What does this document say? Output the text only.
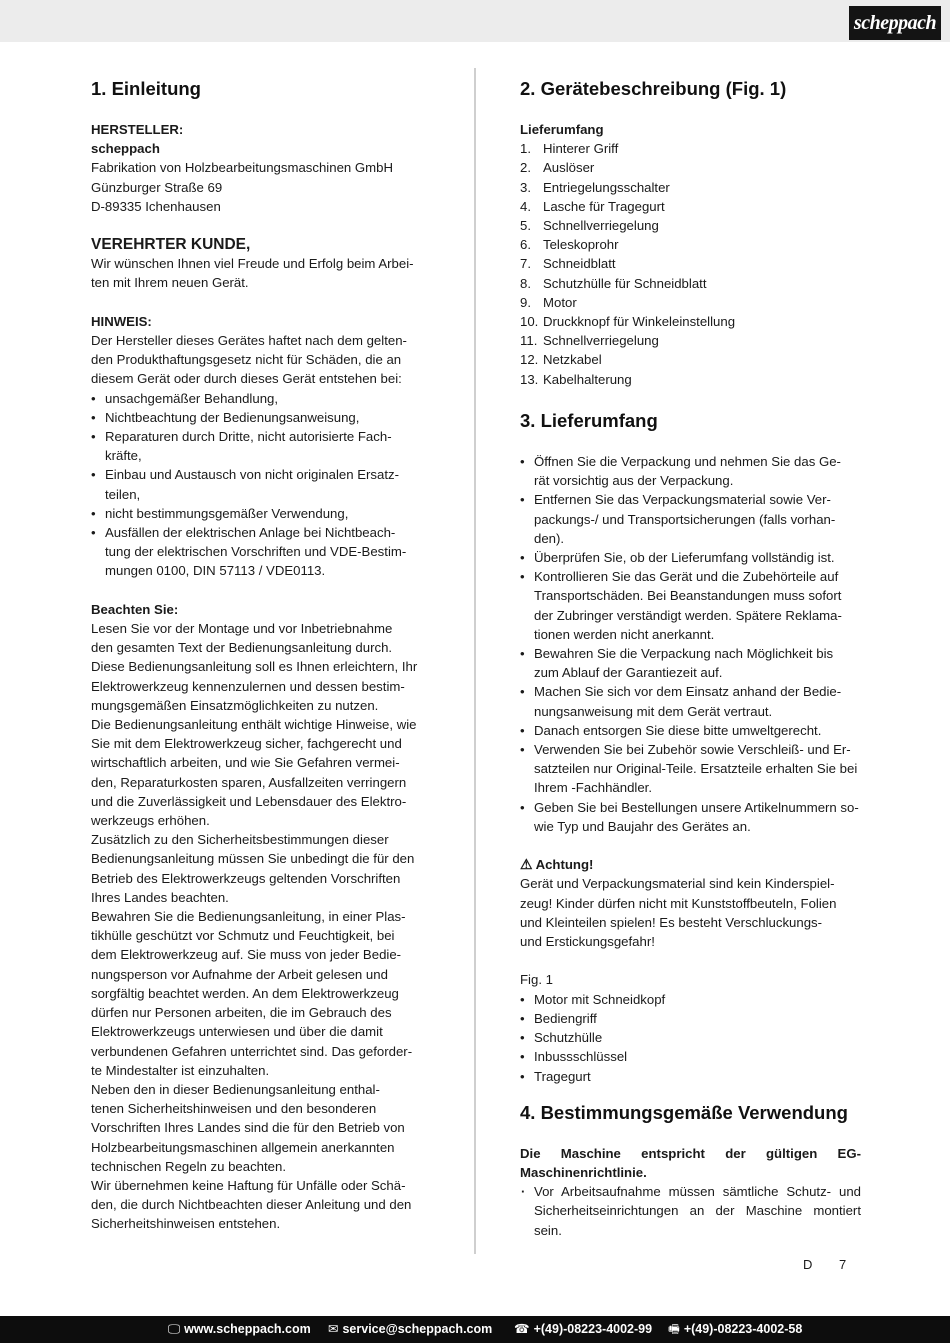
scheppach
1. Einleitung
HERSTELLER:
scheppach
Fabrikation von Holzbearbeitungsmaschinen GmbH
Günzburger Straße 69
D-89335 Ichenhausen
VEREHRTER KUNDE,
Wir wünschen Ihnen viel Freude und Erfolg beim Arbei-
ten mit Ihrem neuen Gerät.
HINWEIS:
Der Hersteller dieses Gerätes haftet nach dem gelten-
den Produkthaftungsgesetz nicht für Schäden, die an
diesem Gerät oder durch dieses Gerät entstehen bei:
• unsachgemäßer Behandlung,
• Nichtbeachtung der Bedienungsanweisung,
• Reparaturen durch Dritte, nicht autorisierte Fach-
kräfte,
• Einbau und Austausch von nicht originalen Ersatz-
teilen,
• nicht bestimmungsgemäßer Verwendung,
• Ausfällen der elektrischen Anlage bei Nichtbeach-
tung der elektrischen Vorschriften und VDE-Bestim-
mungen 0100, DIN 57113 / VDE0113.
Beachten Sie:
Lesen Sie vor der Montage und vor Inbetriebnahme
den gesamten Text der Bedienungsanleitung durch.
Diese Bedienungsanleitung soll es Ihnen erleichtern, Ihr
Elektrowerkzeug kennenzulernen und dessen bestim-
mungsgemäßen Einsatzmöglichkeiten zu nutzen.
Die Bedienungsanleitung enthält wichtige Hinweise, wie
Sie mit dem Elektrowerkzeug sicher, fachgerecht und
wirtschaftlich arbeiten, und wie Sie Gefahren vermei-
den, Reparaturkosten sparen, Ausfallzeiten verringern
und die Zuverlässigkeit und Lebensdauer des Elektro-
werkzeugs erhöhen.
Zusätzlich zu den Sicherheitsbestimmungen dieser
Bedienungsanleitung müssen Sie unbedingt die für den
Betrieb des Elektrowerkzeugs geltenden Vorschriften
Ihres Landes beachten.
Bewahren Sie die Bedienungsanleitung, in einer Plas-
tikhülle geschützt vor Schmutz und Feuchtigkeit, bei
dem Elektrowerkzeug auf. Sie muss von jeder Bedie-
nungsperson vor Aufnahme der Arbeit gelesen und
sorgfältig beachtet werden. An dem Elektrowerkzeug
dürfen nur Personen arbeiten, die im Gebrauch des
Elektrowerkzeugs unterwiesen und über die damit
verbundenen Gefahren unterrichtet sind. Das geforder-
te Mindestalter ist einzuhalten.
Neben den in dieser Bedienungsanleitung enthal-
tenen Sicherheitshinweisen und den besonderen
Vorschriften Ihres Landes sind die für den Betrieb von
Holzbearbeitungsmaschinen allgemein anerkannten
technischen Regeln zu beachten.
Wir übernehmen keine Haftung für Unfälle oder Schä-
den, die durch Nichtbeachten dieser Anleitung und den
Sicherheitshinweisen entstehen.
2. Gerätebeschreibung (Fig. 1)
Lieferumfang
1. Hinterer Griff
2. Auslöser
3. Entriegelungsschalter
4. Lasche für Tragegurt
5. Schnellverriegelung
6. Teleskoprohr
7. Schneidblatt
8. Schutzhülle für Schneidblatt
9. Motor
10. Druckknopf für Winkeleinstellung
11. Schnellverriegelung
12. Netzkabel
13. Kabelhalterung
3. Lieferumfang
• Öffnen Sie die Verpackung und nehmen Sie das Ge-
rät vorsichtig aus der Verpackung.
• Entfernen Sie das Verpackungsmaterial sowie Ver-
packungs-/ und Transportsicherungen (falls vorhan-
den).
• Überprüfen Sie, ob der Lieferumfang vollständig ist.
• Kontrollieren Sie das Gerät und die Zubehörteile auf
Transportschäden. Bei Beanstandungen muss sofort
der Zubringer verständigt werden. Spätere Reklama-
tionen werden nicht anerkannt.
• Bewahren Sie die Verpackung nach Möglichkeit bis
zum Ablauf der Garantiezeit auf.
• Machen Sie sich vor dem Einsatz anhand der Bedie-
nungsanweisung mit dem Gerät vertraut.
• Danach entsorgen Sie diese bitte umweltgerecht.
• Verwenden Sie bei Zubehör sowie Verschleiß- und Er-
satzteilen nur Original-Teile. Ersatzteile erhalten Sie bei
Ihrem -Fachhändler.
• Geben Sie bei Bestellungen unsere Artikelnummern so-
wie Typ und Baujahr des Gerätes an.
⚠ Achtung!
Gerät und Verpackungsmaterial sind kein Kinderspiel-
zeug! Kinder dürfen nicht mit Kunststoffbeuteln, Folien
und Kleinteilen spielen! Es besteht Verschluckungs-
und Erstickungsgefahr!
Fig. 1
• Motor mit Schneidkopf
• Bediengriff
• Schutzhülle
• Inbussschlüssel
• Tragegurt
4. Bestimmungsgemäße Verwendung
Die Maschine entspricht der gültigen EG-
Maschinenrichtlinie.
· Vor Arbeitsaufnahme müssen sämtliche Schutz- und
Sicherheitseinrichtungen an der Maschine montiert
sein.
D 7
🖵 www.scheppach.com ✉ service@scheppach.com ☎ +(49)-08223-4002-99 🖷 +(49)-08223-4002-58
